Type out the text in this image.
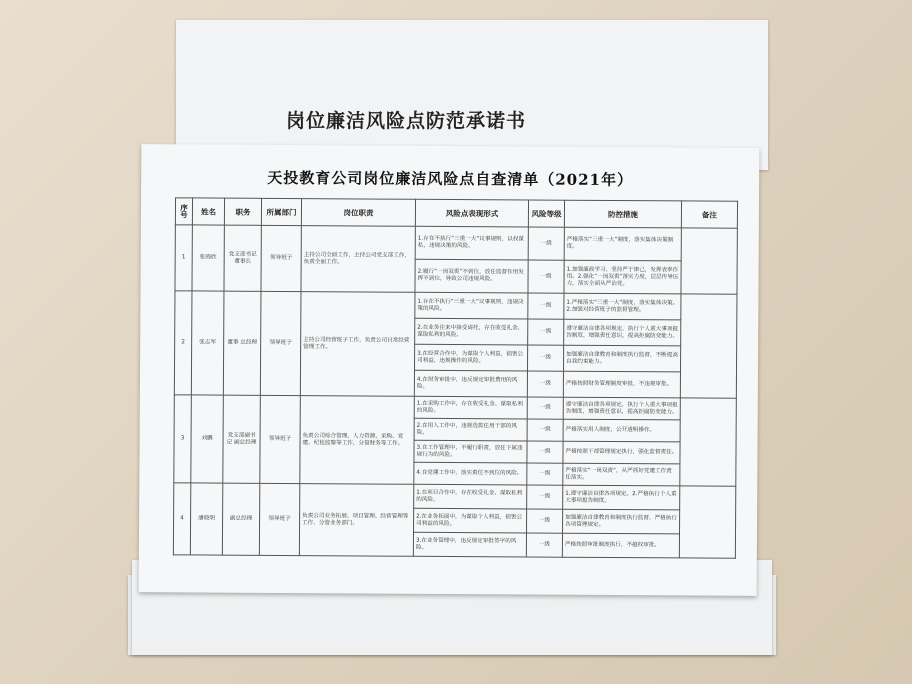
岗位廉洁风险点防范承诺书
天投教育公司岗位廉洁风险点自查清单（2021年）
序号	姓名	职务	所属部门	岗位职责	风险点表现形式	风险等级	防控措施	备注
1	张晓欣	党支部书记 董事长	领导班子	主持公司全面工作，主持公司党支部工作，负责全面工作。	1.存在不执行“三重一大”议事规则，以权谋私，违规决策的风险。	一级	严格落实“三重一大”制度，落实集体决策制度。	
					2.履行“一岗双责”不到位，放任监督作用发挥不到位，导致公司违规风险。	一级	1.加强廉政学习，坚持严于律己，发挥表率作用。2.强化“一岗双责”落实力度，层层传导压力，落实全面从严治党。	
2	张志军	董事 总经理	领导班子	主持公司经营班子工作，负责公司日常经营管理工作。	1.存在不执行“三重一大”议事规则，违规决策的风险。	一级	1.严格落实“三重一大”制度，落实集体决策。2.加强对经营班子的监督管理。	
					2.在业务往来中接受请托，存在收受礼金、谋取私利的风险。	一级	遵守廉洁自律各项规定，执行个人重大事项报告制度，增强责任意识，提高拒腐防变能力。	
					3.在经营合作中，为谋取个人利益，损害公司利益，违规操作的风险。	一级	加强廉洁自律教育和制度执行监督，不断提高自我约束能力。	
					4.在财务审批中，违反规定审批费用的风险。	一级	严格按照财务管理制度审批，不违规审批。	
3	刘鹏	党支部副书记 副总经理	领导班子	负责公司综合管理、人力资源、采购、党建、纪检监察等工作，分管财务等工作。	1.在采购工作中，存在收受礼金、谋取私利的风险。	一级	遵守廉洁自律各项规定，执行个人重大事项报告制度，增强责任意识，提高拒腐防变能力。	
					2.在用人工作中，违规选拔任用干部的风险。	一级	严格落实用人制度，公开透明操作。	
					3.在工作管理中，不履行职责，放任下属违规行为的风险。	一级	严格按照干部管理规定执行，强化监督责任。	
					4.在党建工作中，落实责任不到位的风险。	一级	严格落实“一岗双责”，从严抓好党建工作责任落实。	
4	潘晓明	副总经理	领导班子	负责公司业务拓展、项目管理、经营管理等工作，分管业务部门。	1.在项目合作中，存在收受礼金、谋取私利的风险。	一级	1.遵守廉洁自律各项规定。2.严格执行个人重大事项报告制度。	
					2.在业务拓展中，为谋取个人利益，损害公司利益的风险。	一级	加强廉洁自律教育和制度执行监督，严格执行各项管理规定。	
					3.在业务管理中，违反规定审批签字的风险。	一级	严格按照审批制度执行，不越权审批。	
